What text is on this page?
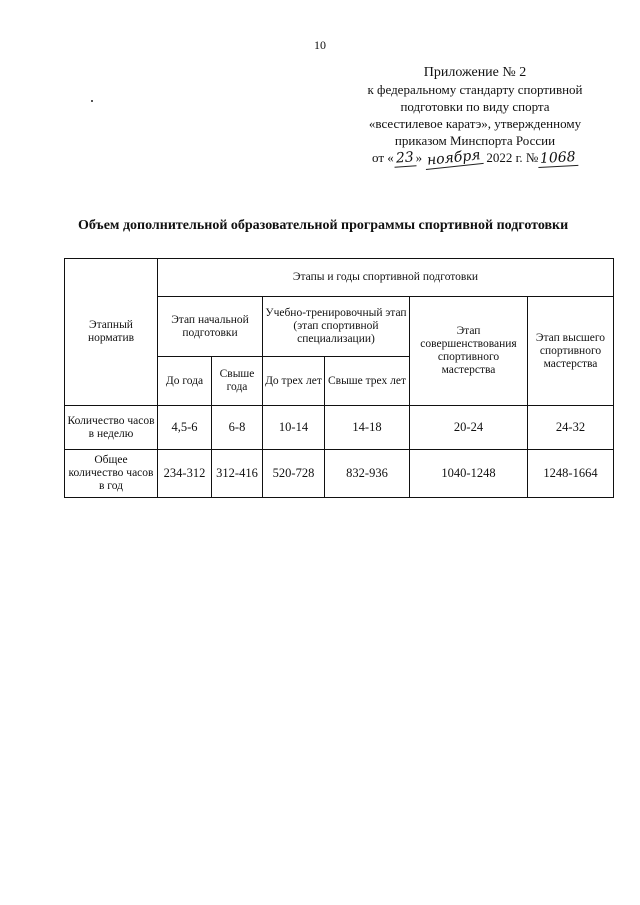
10
Приложение № 2
к федеральному стандарту спортивной
подготовки по виду спорта
«всестилевое каратэ», утвержденному
приказом Минспорта России
от «23 » ноября 2022 г. № 1068
Объем дополнительной образовательной программы спортивной подготовки
Этапный норматив	Этапы и годы спортивной подготовки					
	Этап начальной подготовки		Учебно-тренировочный этап (этап спортивной специализации)		Этап совершенствования спортивного мастерства	Этап высшего спортивного мастерства
	До года	Свыше года	До трех лет	Свыше трех лет		
Количество часов в неделю	4,5-6	6-8	10-14	14-18	20-24	24-32
Общее количество часов в год	234-312	312-416	520-728	832-936	1040-1248	1248-1664
